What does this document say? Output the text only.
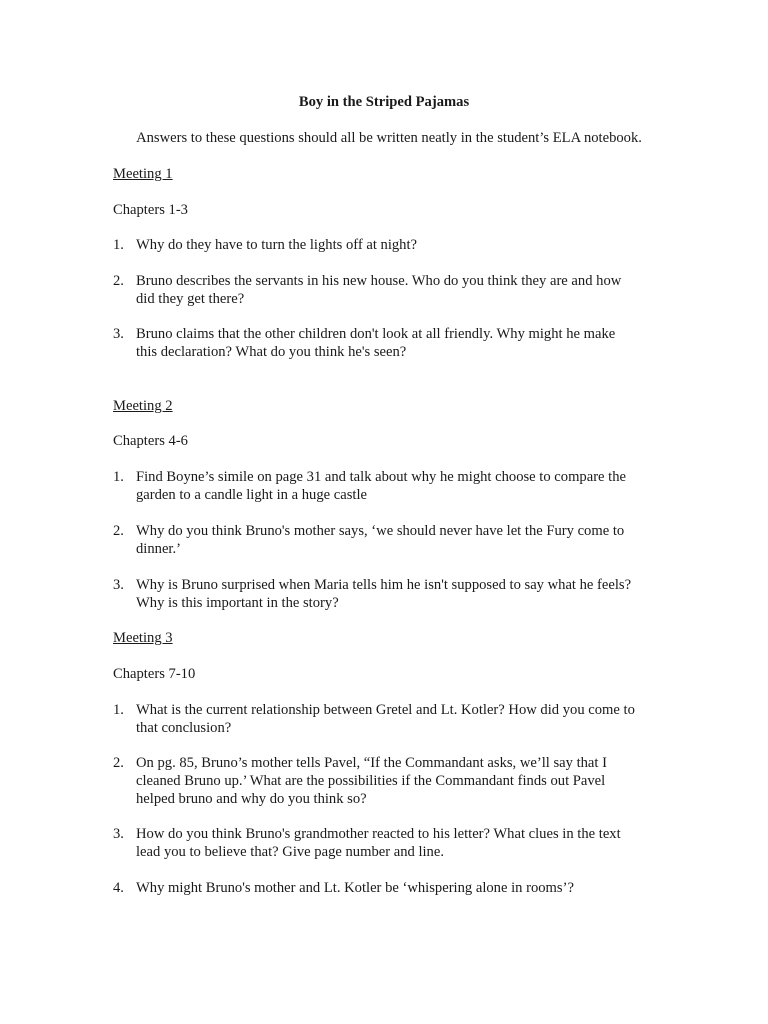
Boy in the Striped Pajamas
Answers to these questions should all be written neatly in the student’s ELA notebook.
Meeting 1
Chapters 1-3
1. Why do they have to turn the lights off at night?
2. Bruno describes the servants in his new house. Who do you think they are and how
did they get there?
3. Bruno claims that the other children don't look at all friendly. Why might he make
this declaration? What do you think he's seen?
Meeting 2
Chapters 4-6
1. Find Boyne’s simile on page 31 and talk about why he might choose to compare the
garden to a candle light in a huge castle
2. Why do you think Bruno's mother says, ‘we should never have let the Fury come to
dinner.’
3. Why is Bruno surprised when Maria tells him he isn't supposed to say what he feels?
Why is this important in the story?
Meeting 3
Chapters 7-10
1. What is the current relationship between Gretel and Lt. Kotler? How did you come to
that conclusion?
2. On pg. 85, Bruno’s mother tells Pavel, “If the Commandant asks, we’ll say that I
cleaned Bruno up.’ What are the possibilities if the Commandant finds out Pavel
helped bruno and why do you think so?
3. How do you think Bruno's grandmother reacted to his letter? What clues in the text
lead you to believe that? Give page number and line.
4. Why might Bruno's mother and Lt. Kotler be ‘whispering alone in rooms’?
